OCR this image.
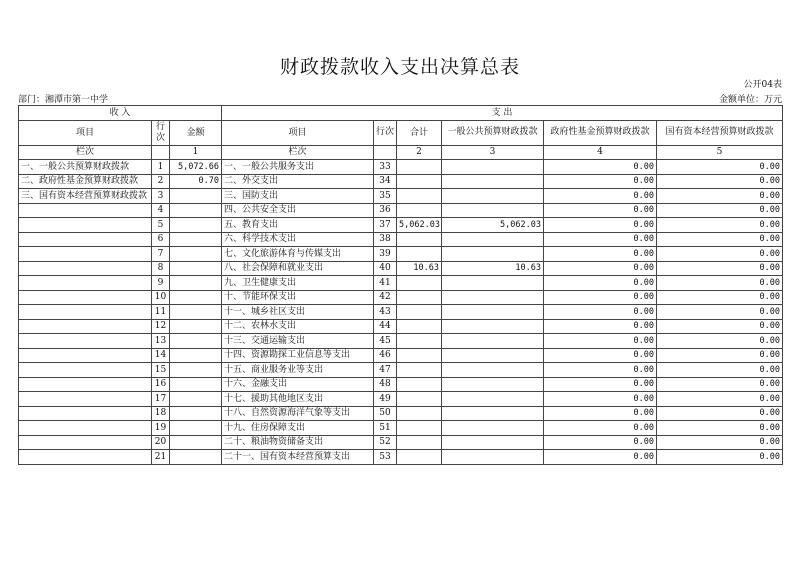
财政拨款收入支出决算总表
公开04表
部门：湘潭市第一中学	金额单位：万元
收 入			支 出					
项目	行次	金额	项目	行次	合计	一般公共预算财政拨款	政府性基金预算财政拨款	国有资本经营预算财政拨款
栏次		1	栏次		2	3	4	5
一、一般公共预算财政拨款	1	5,072.66	一、一般公共服务支出	33			0.00	0.00
二、政府性基金预算财政拨款	2	0.70	二、外交支出	34			0.00	0.00
三、国有资本经营预算财政拨款	3		三、国防支出	35			0.00	0.00
	4		四、公共安全支出	36			0.00	0.00
	5		五、教育支出	37	5,062.03	5,062.03	0.00	0.00
	6		六、科学技术支出	38			0.00	0.00
	7		七、文化旅游体育与传媒支出	39			0.00	0.00
	8		八、社会保障和就业支出	40	10.63	10.63	0.00	0.00
	9		九、卫生健康支出	41			0.00	0.00
	10		十、节能环保支出	42			0.00	0.00
	11		十一、城乡社区支出	43			0.00	0.00
	12		十二、农林水支出	44			0.00	0.00
	13		十三、交通运输支出	45			0.00	0.00
	14		十四、资源勘探工业信息等支出	46			0.00	0.00
	15		十五、商业服务业等支出	47			0.00	0.00
	16		十六、金融支出	48			0.00	0.00
	17		十七、援助其他地区支出	49			0.00	0.00
	18		十八、自然资源海洋气象等支出	50			0.00	0.00
	19		十九、住房保障支出	51			0.00	0.00
	20		二十、粮油物资储备支出	52			0.00	0.00
	21		二十一、国有资本经营预算支出	53			0.00	0.00
